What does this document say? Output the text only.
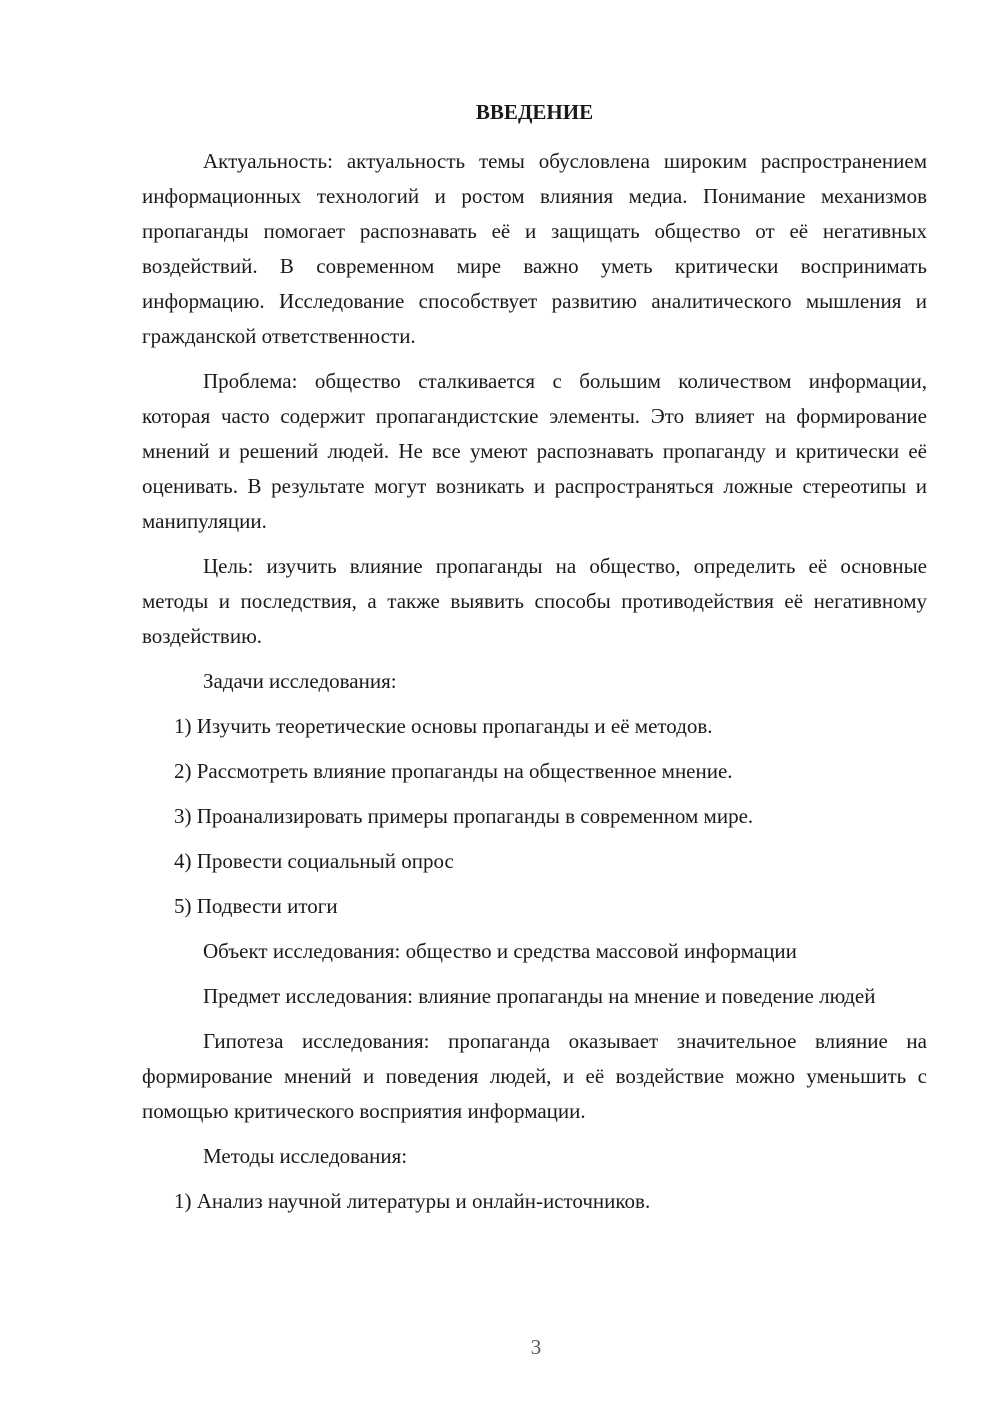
ВВЕДЕНИЕ

Актуальность: актуальность темы обусловлена широким распространением информационных технологий и ростом влияния медиа. Понимание механизмов пропаганды помогает распознавать её и защищать общество от её негативных воздействий. В современном мире важно уметь критически воспринимать информацию. Исследование способствует развитию аналитического мышления и гражданской ответственности.

Проблема: общество сталкивается с большим количеством информации, которая часто содержит пропагандистские элементы. Это влияет на формирование мнений и решений людей. Не все умеют распознавать пропаганду и критически её оценивать. В результате могут возникать и распространяться ложные стереотипы и манипуляции.

Цель: изучить влияние пропаганды на общество, определить её основные методы и последствия, а также выявить способы противодействия её негативному воздействию.

Задачи исследования:

1) Изучить теоретические основы пропаганды и её методов.

2) Рассмотреть влияние пропаганды на общественное мнение.

3) Проанализировать примеры пропаганды в современном мире.

4) Провести социальный опрос

5) Подвести итоги

Объект исследования: общество и средства массовой информации

Предмет исследования: влияние пропаганды на мнение и поведение людей

Гипотеза исследования: пропаганда оказывает значительное влияние на формирование мнений и поведения людей, и её воздействие можно уменьшить с помощью критического восприятия информации.

Методы исследования:

1) Анализ научной литературы и онлайн-источников.

3
